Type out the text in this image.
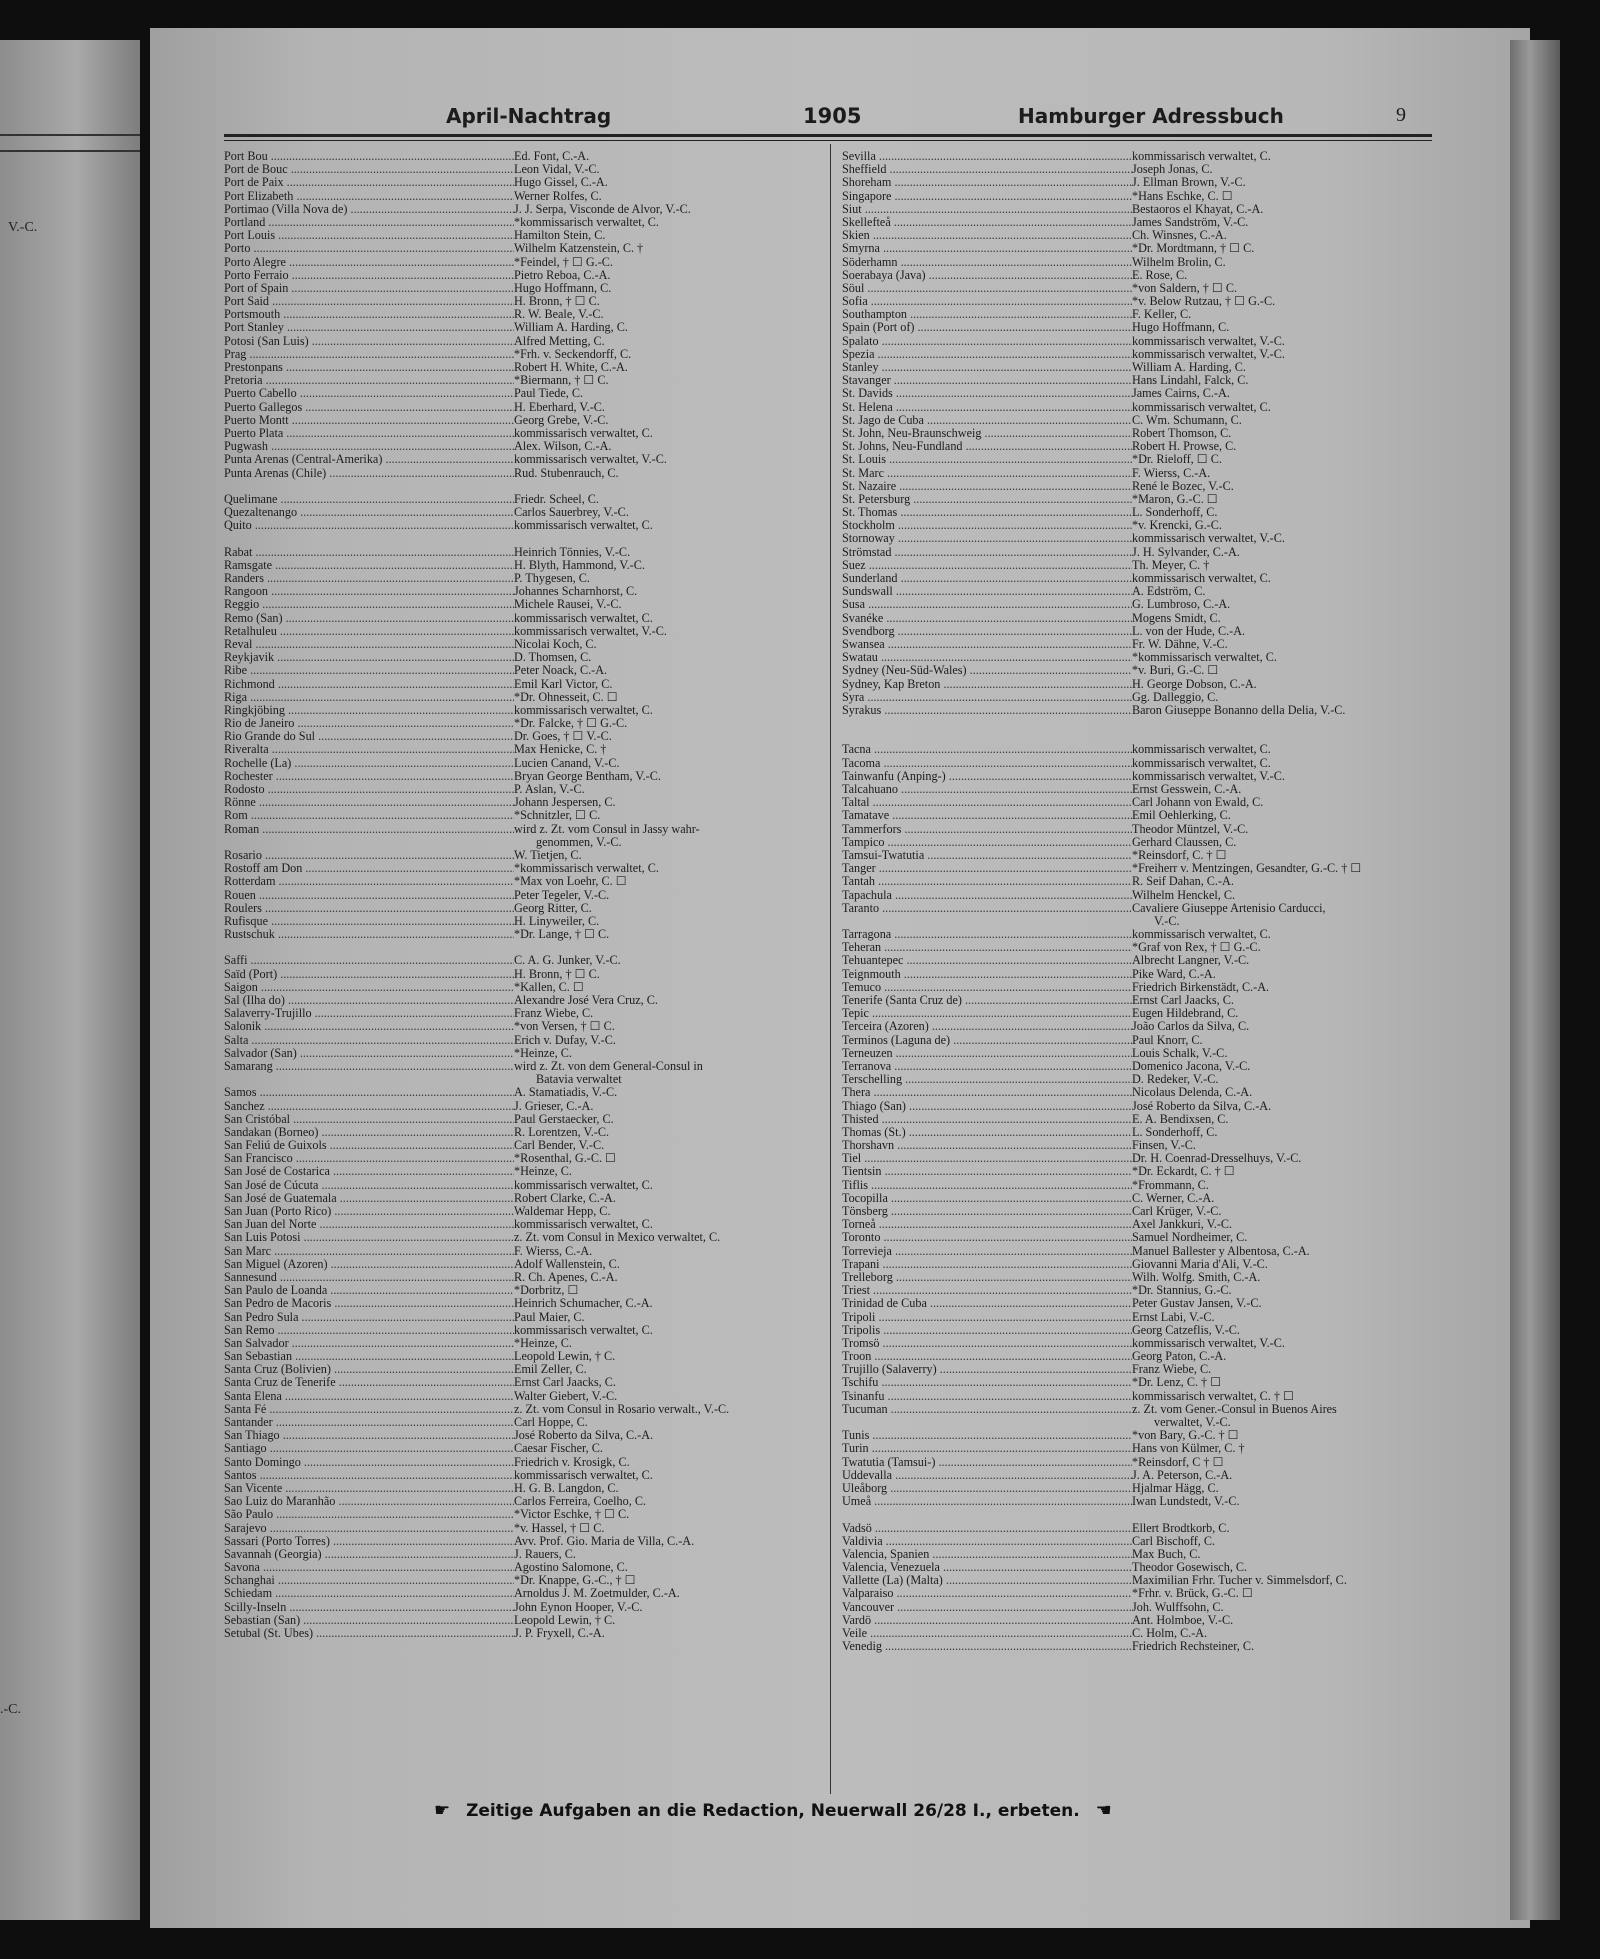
V.-C.
.-C.
April-Nachtrag	1905	Hamburger Adressbuch	9
Port Bou .....	Ed. Font, C.-A.
Port de Bouc .....	Leon Vidal, V.-C.
Port de Paix .....	Hugo Gissel, C.-A.
Port Elizabeth .....	Werner Rolfes, C.
Portimao (Villa Nova de) .....	J. J. Serpa, Visconde de Alvor, V.-C.
Portland .....	*kommissarisch verwaltet, C.
Port Louis .....	Hamilton Stein, C.
Porto .....	Wilhelm Katzenstein, C. †
Porto Alegre .....	*Feindel, † ☐ G.-C.
Porto Ferraio .....	Pietro Reboa, C.-A.
Port of Spain .....	Hugo Hoffmann, C.
Port Said .....	H. Bronn, † ☐ C.
Portsmouth .....	R. W. Beale, V.-C.
Port Stanley .....	William A. Harding, C.
Potosi (San Luis) .....	Alfred Metting, C.
Prag .....	*Frh. v. Seckendorff, C.
Prestonpans .....	Robert H. White, C.-A.
Pretoria .....	*Biermann, † ☐ C.
Puerto Cabello .....	Paul Tiede, C.
Puerto Gallegos .....	H. Eberhard, V.-C.
Puerto Montt .....	Georg Grebe, V.-C.
Puerto Plata .....	kommissarisch verwaltet, C.
Pugwash .....	Alex. Wilson, C.-A.
Punta Arenas (Central-Amerika) .....	kommissarisch verwaltet, V.-C.
Punta Arenas (Chile) .....	Rud. Stubenrauch, C.
Quelimane .....	Friedr. Scheel, C.
Quezaltenango .....	Carlos Sauerbrey, V.-C.
Quito .....	kommissarisch verwaltet, C.
Rabat .....	Heinrich Tönnies, V.-C.
Ramsgate .....	H. Blyth, Hammond, V.-C.
Randers .....	P. Thygesen, C.
Rangoon .....	Johannes Scharnhorst, C.
Reggio .....	Michele Rausei, V.-C.
Remo (San) .....	kommissarisch verwaltet, C.
Retalhuleu .....	kommissarisch verwaltet, V.-C.
Reval .....	Nicolai Koch, C.
Reykjavik .....	D. Thomsen, C.
Ribe .....	Peter Noack, C.-A.
Richmond .....	Emil Karl Victor, C.
Riga .....	*Dr. Ohnesseit, C. ☐
Ringkjöbing .....	kommissarisch verwaltet, C.
Rio de Janeiro .....	*Dr. Falcke, † ☐ G.-C.
Rio Grande do Sul .....	Dr. Goes, † ☐ V.-C.
Riveralta .....	Max Henicke, C. †
Rochelle (La) .....	Lucien Canand, V.-C.
Rochester .....	Bryan George Bentham, V.-C.
Rodosto .....	P. Aslan, V.-C.
Rönne .....	Johann Jespersen, C.
Rom .....	*Schnitzler, ☐ C.
Roman .....	wird z. Zt. vom Consul in Jassy wahr-
genommen, V.-C.
Rosario .....	W. Tietjen, C.
Rostoff am Don .....	*kommissarisch verwaltet, C.
Rotterdam .....	*Max von Loehr, C. ☐
Rouen .....	Peter Tegeler, V.-C.
Roulers .....	Georg Ritter, C.
Rufisque .....	H. Linyweiler, C.
Rustschuk .....	*Dr. Lange, † ☐ C.
Saffi .....	C. A. G. Junker, V.-C.
Saïd (Port) .....	H. Bronn, † ☐ C.
Saigon .....	*Kallen, C. ☐
Sal (Ilha do) .....	Alexandre José Vera Cruz, C.
Salaverry-Trujillo .....	Franz Wiebe, C.
Salonik .....	*von Versen, † ☐ C.
Salta .....	Erich v. Dufay, V.-C.
Salvador (San) .....	*Heinze, C.
Samarang .....	wird z. Zt. von dem General-Consul in
Batavia verwaltet
Samos .....	A. Stamatiadis, V.-C.
Sanchez .....	J. Grieser, C.-A.
San Cristóbal .....	Paul Gerstaecker, C.
Sandakan (Borneo) .....	R. Lorentzen, V.-C.
San Feliú de Guixols .....	Carl Bender, V.-C.
San Francisco .....	*Rosenthal, G.-C. ☐
San José de Costarica .....	*Heinze, C.
San José de Cúcuta .....	kommissarisch verwaltet, C.
San José de Guatemala .....	Robert Clarke, C.-A.
San Juan (Porto Rico) .....	Waldemar Hepp, C.
San Juan del Norte .....	kommissarisch verwaltet, C.
San Luis Potosi .....	z. Zt. vom Consul in Mexico verwaltet, C.
San Marc .....	F. Wierss, C.-A.
San Miguel (Azoren) .....	Adolf Wallenstein, C.
Sannesund .....	R. Ch. Apenes, C.-A.
San Paulo de Loanda .....	*Dorbritz, ☐
San Pedro de Macoris .....	Heinrich Schumacher, C.-A.
San Pedro Sula .....	Paul Maier, C.
San Remo .....	kommissarisch verwaltet, C.
San Salvador .....	*Heinze, C.
San Sebastian .....	Leopold Lewin, † C.
Santa Cruz (Bolivien) .....	Emil Zeller, C.
Santa Cruz de Tenerife .....	Ernst Carl Jaacks, C.
Santa Elena .....	Walter Giebert, V.-C.
Santa Fé .....	z. Zt. vom Consul in Rosario verwalt., V.-C.
Santander .....	Carl Hoppe, C.
San Thiago .....	José Roberto da Silva, C.-A.
Santiago .....	Caesar Fischer, C.
Santo Domingo .....	Friedrich v. Krosigk, C.
Santos .....	kommissarisch verwaltet, C.
San Vicente .....	H. G. B. Langdon, C.
Sao Luiz do Maranhão .....	Carlos Ferreira, Coelho, C.
São Paulo .....	*Victor Eschke, † ☐ C.
Sarajevo .....	*v. Hassel, † ☐ C.
Sassari (Porto Torres) .....	Avv. Prof. Gio. Maria de Villa, C.-A.
Savannah (Georgia) .....	J. Rauers, C.
Savona .....	Agostino Salomone, C.
Schanghai .....	*Dr. Knappe, G.-C., † ☐
Schiedam .....	Arnoldus J. M. Zoetmulder, C.-A.
Scilly-Inseln .....	John Eynon Hooper, V.-C.
Sebastian (San) .....	Leopold Lewin, † C.
Setubal (St. Ubes) .....	J. P. Fryxell, C.-A.
Sevilla .....	kommissarisch verwaltet, C.
Sheffield .....	Joseph Jonas, C.
Shoreham .....	J. Ellman Brown, V.-C.
Singapore .....	*Hans Eschke, C. ☐
Siut .....	Bestaoros el Khayat, C.-A.
Skellefteå .....	James Sandström, V.-C.
Skien .....	Ch. Winsnes, C.-A.
Smyrna .....	*Dr. Mordtmann, † ☐ C.
Söderhamn .....	Wilhelm Brolin, C.
Soerabaya (Java) .....	E. Rose, C.
Söul .....	*von Saldern, † ☐ C.
Sofia .....	*v. Below Rutzau, † ☐ G.-C.
Southampton .....	F. Keller, C.
Spain (Port of) .....	Hugo Hoffmann, C.
Spalato .....	kommissarisch verwaltet, V.-C.
Spezia .....	kommissarisch verwaltet, V.-C.
Stanley .....	William A. Harding, C.
Stavanger .....	Hans Lindahl, Falck, C.
St. Davids .....	James Cairns, C.-A.
St. Helena .....	kommissarisch verwaltet, C.
St. Jago de Cuba .....	C. Wm. Schumann, C.
St. John, Neu-Braunschweig .....	Robert Thomson, C.
St. Johns, Neu-Fundland .....	Robert H. Prowse, C.
St. Louis .....	*Dr. Rieloff, ☐ C.
St. Marc .....	F. Wierss, C.-A.
St. Nazaire .....	René le Bozec, V.-C.
St. Petersburg .....	*Maron, G.-C. ☐
St. Thomas .....	L. Sonderhoff, C.
Stockholm .....	*v. Krencki, G.-C.
Stornoway .....	kommissarisch verwaltet, V.-C.
Strömstad .....	J. H. Sylvander, C.-A.
Suez .....	Th. Meyer, C. †
Sunderland .....	kommissarisch verwaltet, C.
Sundswall .....	A. Edström, C.
Susa .....	G. Lumbroso, C.-A.
Svanéke .....	Mogens Smidt, C.
Svendborg .....	L. von der Hude, C.-A.
Swansea .....	Fr. W. Dähne, V.-C.
Swatau .....	*kommissarisch verwaltet, C.
Sydney (Neu-Süd-Wales) .....	*v. Buri, G.-C. ☐
Sydney, Kap Breton .....	H. George Dobson, C.-A.
Syra .....	Gg. Dalleggio, C.
Syrakus .....	Baron Giuseppe Bonanno della Delia, V.-C.
Tacna .....	kommissarisch verwaltet, C.
Tacoma .....	kommissarisch verwaltet, C.
Tainwanfu (Anping-) .....	kommissarisch verwaltet, V.-C.
Talcahuano .....	Ernst Gesswein, C.-A.
Taltal .....	Carl Johann von Ewald, C.
Tamatave .....	Emil Oehlerking, C.
Tammerfors .....	Theodor Müntzel, V.-C.
Tampico .....	Gerhard Claussen, C.
Tamsui-Twatutia .....	*Reinsdorf, C. † ☐
Tanger .....	*Freiherr v. Mentzingen, Gesandter, G.-C. † ☐
Tantah .....	R. Seif Dahan, C.-A.
Tapachula .....	Wilhelm Henckel, C.
Taranto .....	Cavaliere Giuseppe Artenisio Carducci,
V.-C.
Tarragona .....	kommissarisch verwaltet, C.
Teheran .....	*Graf von Rex, † ☐ G.-C.
Tehuantepec .....	Albrecht Langner, V.-C.
Teignmouth .....	Pike Ward, C.-A.
Temuco .....	Friedrich Birkenstädt, C.-A.
Tenerife (Santa Cruz de) .....	Ernst Carl Jaacks, C.
Tepic .....	Eugen Hildebrand, C.
Terceira (Azoren) .....	João Carlos da Silva, C.
Terminos (Laguna de) .....	Paul Knorr, C.
Terneuzen .....	Louis Schalk, V.-C.
Terranova .....	Domenico Jacona, V.-C.
Terschelling .....	D. Redeker, V.-C.
Thera .....	Nicolaus Delenda, C.-A.
Thiago (San) .....	José Roberto da Silva, C.-A.
Thisted .....	E. A. Bendixsen, C.
Thomas (St.) .....	L. Sonderhoff, C.
Thorshavn .....	Finsen, V.-C.
Tiel .....	Dr. H. Coenrad-Dresselhuys, V.-C.
Tientsin .....	*Dr. Eckardt, C. † ☐
Tiflis .....	*Frommann, C.
Tocopilla .....	C. Werner, C.-A.
Tönsberg .....	Carl Krüger, V.-C.
Torneå .....	Axel Jankkuri, V.-C.
Toronto .....	Samuel Nordheimer, C.
Torrevieja .....	Manuel Ballester y Albentosa, C.-A.
Trapani .....	Giovanni Maria d'Ali, V.-C.
Trelleborg .....	Wilh. Wolfg. Smith, C.-A.
Triest .....	*Dr. Stannius, G.-C.
Trinidad de Cuba .....	Peter Gustav Jansen, V.-C.
Tripoli .....	Ernst Labi, V.-C.
Tripolis .....	Georg Catzeflis, V.-C.
Tromsö .....	kommissarisch verwaltet, V.-C.
Troon .....	Georg Paton, C.-A.
Trujillo (Salaverry) .....	Franz Wiebe, C.
Tschifu .....	*Dr. Lenz, C. † ☐
Tsinanfu .....	kommissarisch verwaltet, C. † ☐
Tucuman .....	z. Zt. vom Gener.-Consul in Buenos Aires
verwaltet, V.-C.
Tunis .....	*von Bary, G.-C. † ☐
Turin .....	Hans von Külmer, C. †
Twatutia (Tamsui-) .....	*Reinsdorf, C † ☐
Uddevalla .....	J. A. Peterson, C.-A.
Uleåborg .....	Hjalmar Hägg, C.
Umeå .....	Iwan Lundstedt, V.-C.
Vadsö .....	Ellert Brodtkorb, C.
Valdivia .....	Carl Bischoff, C.
Valencia, Spanien .....	Max Buch, C.
Valencia, Venezuela .....	Theodor Gosewisch, C.
Vallette (La) (Malta) .....	Maximilian Frhr. Tucher v. Simmelsdorf, C.
Valparaiso .....	*Frhr. v. Brück, G.-C. ☐
Vancouver .....	Joh. Wulffsohn, C.
Vardö .....	Ant. Holmboe, V.-C.
Veile .....	C. Holm, C.-A.
Venedig .....	Friedrich Rechsteiner, C.
☛ Zeitige Aufgaben an die Redaction, Neuerwall 26/28 I., erbeten. ☚
